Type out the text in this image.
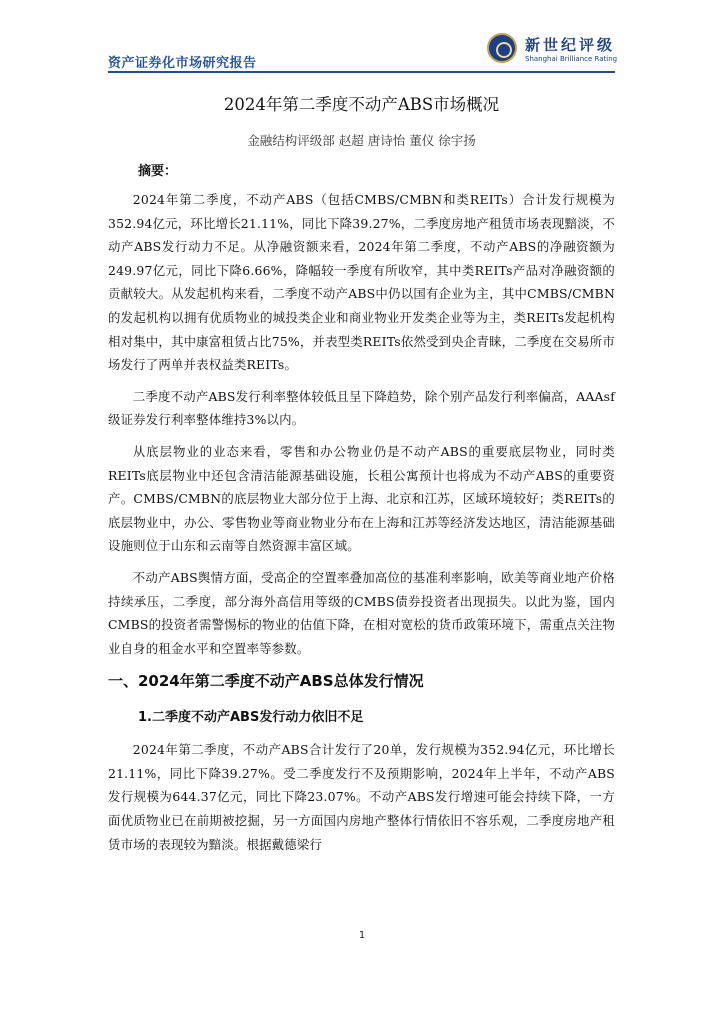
资产证券化市场研究报告
新世纪评级
Shanghai Brilliance Rating
2024年第二季度不动产ABS市场概况
金融结构评级部 赵超 唐诗怡 董仪 徐宇扬
摘要：

2024年第二季度，不动产ABS（包括CMBS/CMBN和类REITs）合计发行规模为352.94亿元，环比增长21.11%，同比下降39.27%，二季度房地产租赁市场表现黯淡，不动产ABS发行动力不足。从净融资额来看，2024年第二季度，不动产ABS的净融资额为249.97亿元，同比下降6.66%，降幅较一季度有所收窄，其中类REITs产品对净融资额的贡献较大。从发起机构来看，二季度不动产ABS中仍以国有企业为主，其中CMBS/CMBN的发起机构以拥有优质物业的城投类企业和商业物业开发类企业等为主，类REITs发起机构相对集中，其中康富租赁占比75%，并表型类REITs依然受到央企青睐，二季度在交易所市场发行了两单并表权益类REITs。

二季度不动产ABS发行利率整体较低且呈下降趋势，除个别产品发行利率偏高，AAAsf级证券发行利率整体维持3%以内。

从底层物业的业态来看，零售和办公物业仍是不动产ABS的重要底层物业，同时类REITs底层物业中还包含清洁能源基础设施，长租公寓预计也将成为不动产ABS的重要资产。CMBS/CMBN的底层物业大部分位于上海、北京和江苏，区域环境较好；类REITs的底层物业中，办公、零售物业等商业物业分布在上海和江苏等经济发达地区，清洁能源基础设施则位于山东和云南等自然资源丰富区域。

不动产ABS舆情方面，受高企的空置率叠加高位的基准利率影响，欧美等商业地产价格持续承压，二季度，部分海外高信用等级的CMBS债券投资者出现损失。以此为鉴，国内CMBS的投资者需警惕标的物业的估值下降，在相对宽松的货币政策环境下，需重点关注物业自身的租金水平和空置率等参数。

一、2024年第二季度不动产ABS总体发行情况
1.二季度不动产ABS发行动力依旧不足

2024年第二季度，不动产ABS合计发行了20单，发行规模为352.94亿元，环比增长21.11%，同比下降39.27%。受二季度发行不及预期影响，2024年上半年，不动产ABS发行规模为644.37亿元，同比下降23.07%。不动产ABS发行增速可能会持续下降，一方面优质物业已在前期被挖掘，另一方面国内房地产整体行情依旧不容乐观，二季度房地产租赁市场的表现较为黯淡。根据戴德梁行

1
